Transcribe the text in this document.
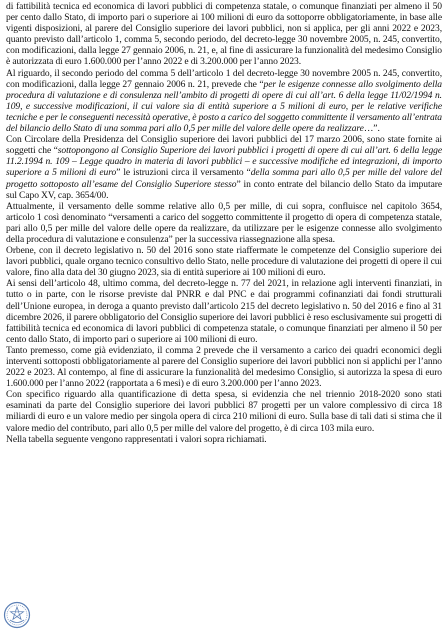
di fattibilità tecnica ed economica di lavori pubblici di competenza statale, o comunque finanziati per almeno il 50 per cento dallo Stato, di importo pari o superiore ai 100 milioni di euro da sottoporre obbligatoriamente, in base alle vigenti disposizioni, al parere del Consiglio superiore dei lavori pubblici, non si applica, per gli anni 2022 e 2023, quanto previsto dall’articolo 1, comma 5, secondo periodo, del decreto-legge 30 novembre 2005, n. 245, convertito, con modificazioni, dalla legge 27 gennaio 2006, n. 21, e, al fine di assicurare la funzionalità del medesimo Consiglio è autorizzata di euro 1.600.000 per l’anno 2022 e di 3.200.000 per l’anno 2023.

Al riguardo, il secondo periodo del comma 5 dell’articolo 1 del decreto-legge 30 novembre 2005 n. 245, convertito, con modificazioni, dalla legge 27 gennaio 2006 n. 21, prevede che “per le esigenze connesse allo svolgimento della procedura di valutazione e di consulenza nell’ambito di progetti di opere di cui all’art. 6 della legge 11/02/1994 n. 109, e successive modificazioni, il cui valore sia di entità superiore a 5 milioni di euro, per le relative verifiche tecniche e per le conseguenti necessità operative, è posto a carico del soggetto committente il versamento all’entrata del bilancio dello Stato di una somma pari allo 0,5 per mille del valore delle opere da realizzare…”.

Con Circolare della Presidenza del Consiglio superiore dei lavori pubblici del 17 marzo 2006, sono state fornite ai soggetti che “sottopongono al Consiglio Superiore dei lavori pubblici i progetti di opere di cui all’art. 6 della legge 11.2.1994 n. 109 – Legge quadro in materia di lavori pubblici – e successive modifiche ed integrazioni, di importo superiore a 5 milioni di euro” le istruzioni circa il versamento “della somma pari allo 0,5 per mille del valore del progetto sottoposto all’esame del Consiglio Superiore stesso” in conto entrate del bilancio dello Stato da imputare sul Capo XV, cap. 3654/00.

Attualmente, il versamento delle somme relative allo 0,5 per mille, di cui sopra, confluisce nel capitolo 3654, articolo 1 così denominato “versamenti a carico del soggetto committente il progetto di opera di competenza statale, pari allo 0,5 per mille del valore delle opere da realizzare, da utilizzare per le esigenze connesse allo svolgimento della procedura di valutazione e consulenza” per la successiva riassegnazione alla spesa.

Orbene, con il decreto legislativo n. 50 del 2016 sono state riaffermate le competenze del Consiglio superiore dei lavori pubblici, quale organo tecnico consultivo dello Stato, nelle procedure di valutazione dei progetti di opere il cui valore, fino alla data del 30 giugno 2023, sia di entità superiore ai 100 milioni di euro.

Ai sensi dell’articolo 48, ultimo comma, del decreto-legge n. 77 del 2021, in relazione agli interventi finanziati, in tutto o in parte, con le risorse previste dal PNRR e dal PNC e dai programmi cofinanziati dai fondi strutturali dell’Unione europea, in deroga a quanto previsto dall’articolo 215 del decreto legislativo n. 50 del 2016 e fino al 31 dicembre 2026, il parere obbligatorio del Consiglio superiore dei lavori pubblici è reso esclusivamente sui progetti di fattibilità tecnica ed economica di lavori pubblici di competenza statale, o comunque finanziati per almeno il 50 per cento dallo Stato, di importo pari o superiore ai 100 milioni di euro.

Tanto premesso, come già evidenziato, il comma 2 prevede che il versamento a carico dei quadri economici degli interventi sottoposti obbligatoriamente al parere del Consiglio superiore dei lavori pubblici non si applichi per l’anno 2022 e 2023. Al contempo, al fine di assicurare la funzionalità del medesimo Consiglio, si autorizza la spesa di euro 1.600.000 per l’anno 2022 (rapportata a 6 mesi) e di euro 3.200.000 per l’anno 2023.

Con specifico riguardo alla quantificazione di detta spesa, si evidenzia che nel triennio 2018-2020 sono stati esaminati da parte del Consiglio superiore dei lavori pubblici 87 progetti per un valore complessivo di circa 18 miliardi di euro e un valore medio per singola opera di circa 210 milioni di euro. Sulla base di tali dati si stima che il valore medio del contributo, pari allo 0,5 per mille del valore del progetto, è di circa 103 mila euro.

Nella tabella seguente vengono rappresentati i valori sopra richiamati.
